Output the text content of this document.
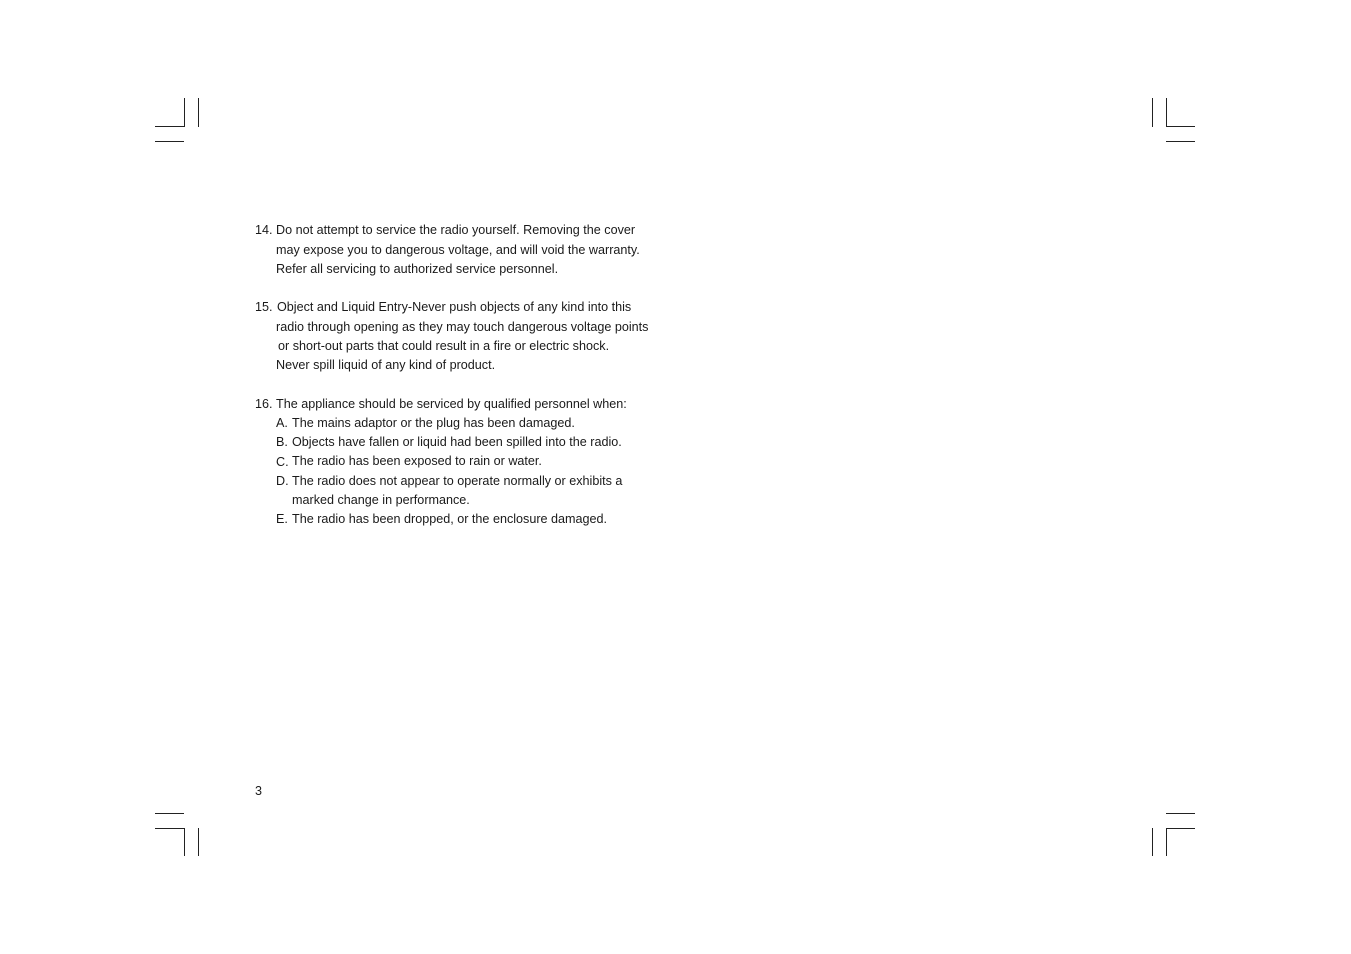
14. Do not attempt to service the radio yourself. Removing the cover
may expose you to dangerous voltage, and will void the warranty.
Refer all servicing to authorized service personnel.
15. Object and Liquid Entry-Never push objects of any kind into this
radio through opening as they may touch dangerous voltage points
or short-out parts that could result in a fire or electric shock.
Never spill liquid of any kind of product.
16. The appliance should be serviced by qualified personnel when:
A. The mains adaptor or the plug has been damaged.
B. Objects have fallen or liquid had been spilled into the radio.
C. The radio has been exposed to rain or water.
D. The radio does not appear to operate normally or exhibits a
marked change in performance.
E. The radio has been dropped, or the enclosure damaged.
3
